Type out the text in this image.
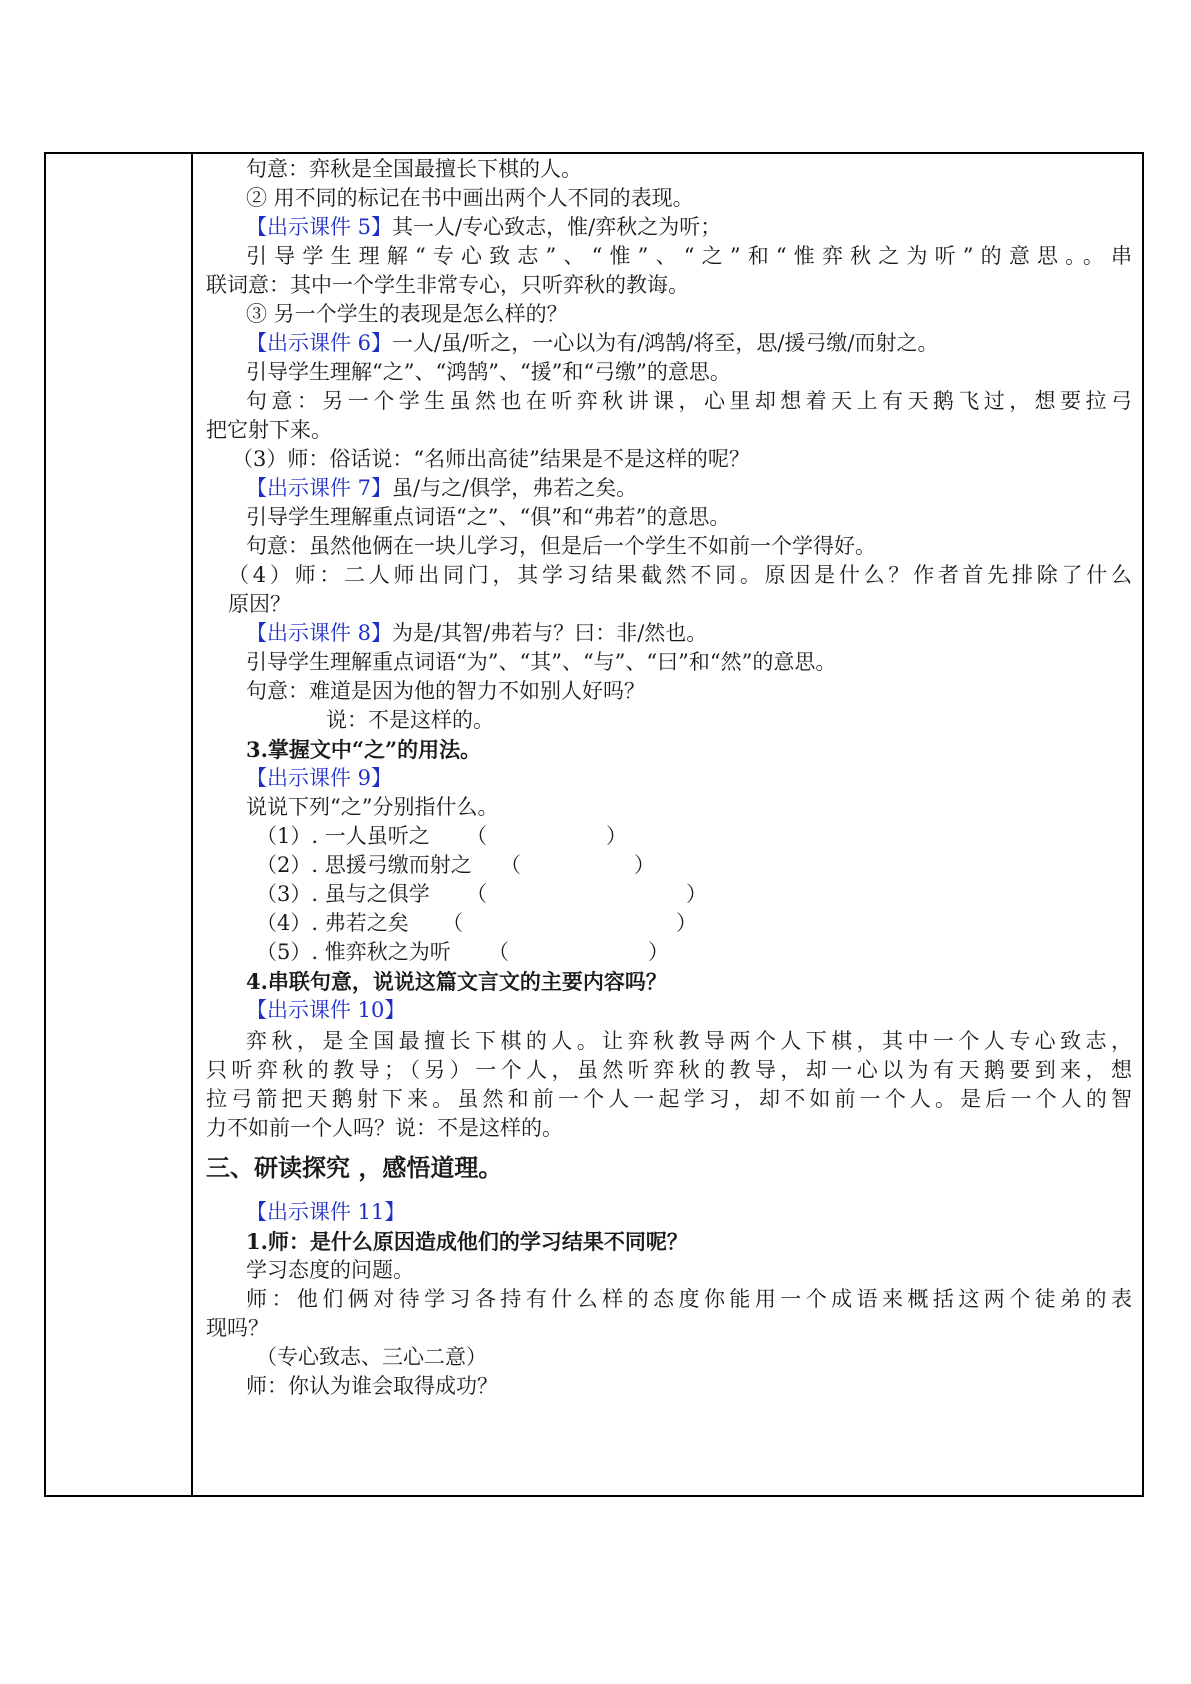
句意：弈秋是全国最擅长下棋的人。
② 用不同的标记在书中画出两个人不同的表现。
【出示课件 5】其一人/专心致志，惟/弈秋之为听；
引导学生理解“专心致志”、“惟”、“之”和“惟弈秋之为听”的意思。。串
联词意：其中一个学生非常专心，只听弈秋的教诲。
③ 另一个学生的表现是怎么样的？
【出示课件 6】一人/虽/听之，一心以为有/鸿鹄/将至，思/援弓缴/而射之。
引导学生理解“之”、“鸿鹄”、“援”和“弓缴”的意思。
句意：另一个学生虽然也在听弈秋讲课，心里却想着天上有天鹅飞过，想要拉弓
把它射下来。
（3）师：俗话说：“名师出高徒”结果是不是这样的呢？
【出示课件 7】虽/与之/俱学，弗若之矣。
引导学生理解重点词语“之”、“俱”和“弗若”的意思。
句意：虽然他俩在一块儿学习，但是后一个学生不如前一个学得好。
（4）师：二人师出同门，其学习结果截然不同。原因是什么？作者首先排除了什么
原因？
【出示课件 8】为是/其智/弗若与？曰：非/然也。
引导学生理解重点词语“为”、“其”、“与”、“曰”和“然”的意思。
句意：难道是因为他的智力不如别人好吗？
说：不是这样的。
3.掌握文中“之”的用法。
【出示课件 9】
说说下列“之”分别指什么。
（1）. 一人虽听之 （	）
（2）. 思援弓缴而射之 （	）
（3）. 虽与之俱学 （	）
（4）. 弗若之矣 （	）
（5）. 惟弈秋之为听 （	）
4.串联句意，说说这篇文言文的主要内容吗？
【出示课件 10】
弈秋，是全国最擅长下棋的人。让弈秋教导两个人下棋，其中一个人专心致志，
只听弈秋的教导；（另）一个人，虽然听弈秋的教导，却一心以为有天鹅要到来，想
拉弓箭把天鹅射下来。虽然和前一个人一起学习，却不如前一个人。是后一个人的智
力不如前一个人吗？说：不是这样的。
三、研读探究 ，感悟道理。
【出示课件 11】
1.师：是什么原因造成他们的学习结果不同呢？
学习态度的问题。
师：他们俩对待学习各持有什么样的态度你能用一个成语来概括这两个徒弟的表
现吗？
（专心致志、三心二意）
师：你认为谁会取得成功？
